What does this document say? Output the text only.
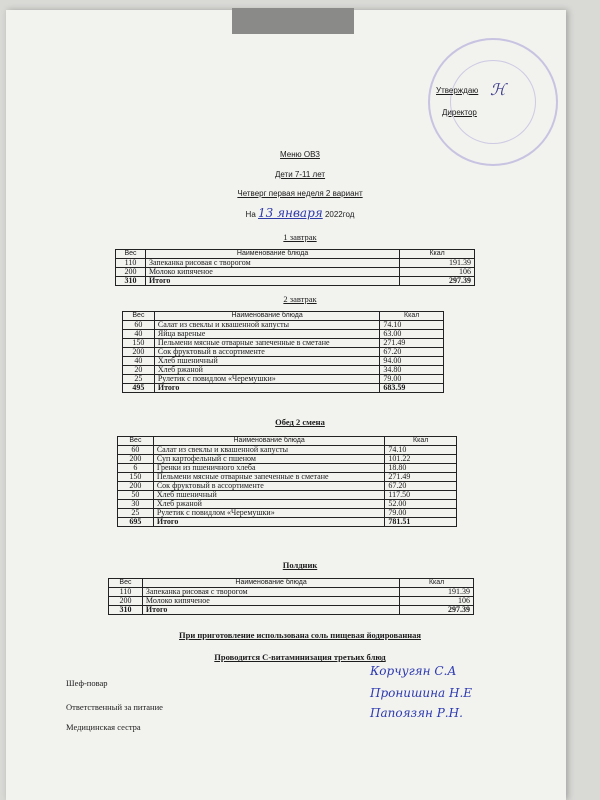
Утверждаю
Директор
ℋ
Меню ОВЗ
Дети 7-11 лет
Четверг первая неделя 2 вариант
На 13 января 2022год
1 завтрак
Вес	Наименование блюда	Ккал
110	Запеканка рисовая с творогом	191.39
200	Молоко кипяченое	106
310	Итого	297.39
2 завтрак
Вес	Наименование блюда	Ккал
60	Салат из свеклы и квашенной капусты	74.10
40	Яйца вареные	63.00
150	Пельмени мясные отварные запеченные в сметане	271.49
200	Сок фруктовый в ассортименте	67.20
40	Хлеб пшеничный	94.00
20	Хлеб ржаной	34.80
25	Рулетик с повидлом «Черемушки»	79.00
495	Итого	683.59
Обед 2 смена
Вес	Наименование блюда	Ккал
60	Салат из свеклы и квашенной капусты	74.10
200	Суп картофельный с пшеном	101.22
6	Гренки из пшеничного хлеба	18.80
150	Пельмени мясные отварные запеченные в сметане	271.49
200	Сок фруктовый в ассортименте	67.20
50	Хлеб пшеничный	117.50
30	Хлеб ржаной	52.00
25	Рулетик с повидлом «Черемушки»	79.00
695	Итого	781.51
Полдник
Вес	Наименование блюда	Ккал
110	Запеканка рисовая с творогом	191.39
200	Молоко кипяченое	106
310	Итого	297.39
При приготовление использована соль пищевая йодированная
Проводится С-витаминизация третьих блюд
Шеф-повар
Корчугян С.А
Ответственный за питание
Пронишина Н.Е
Медицинская сестра
Папоязян Р.Н.
